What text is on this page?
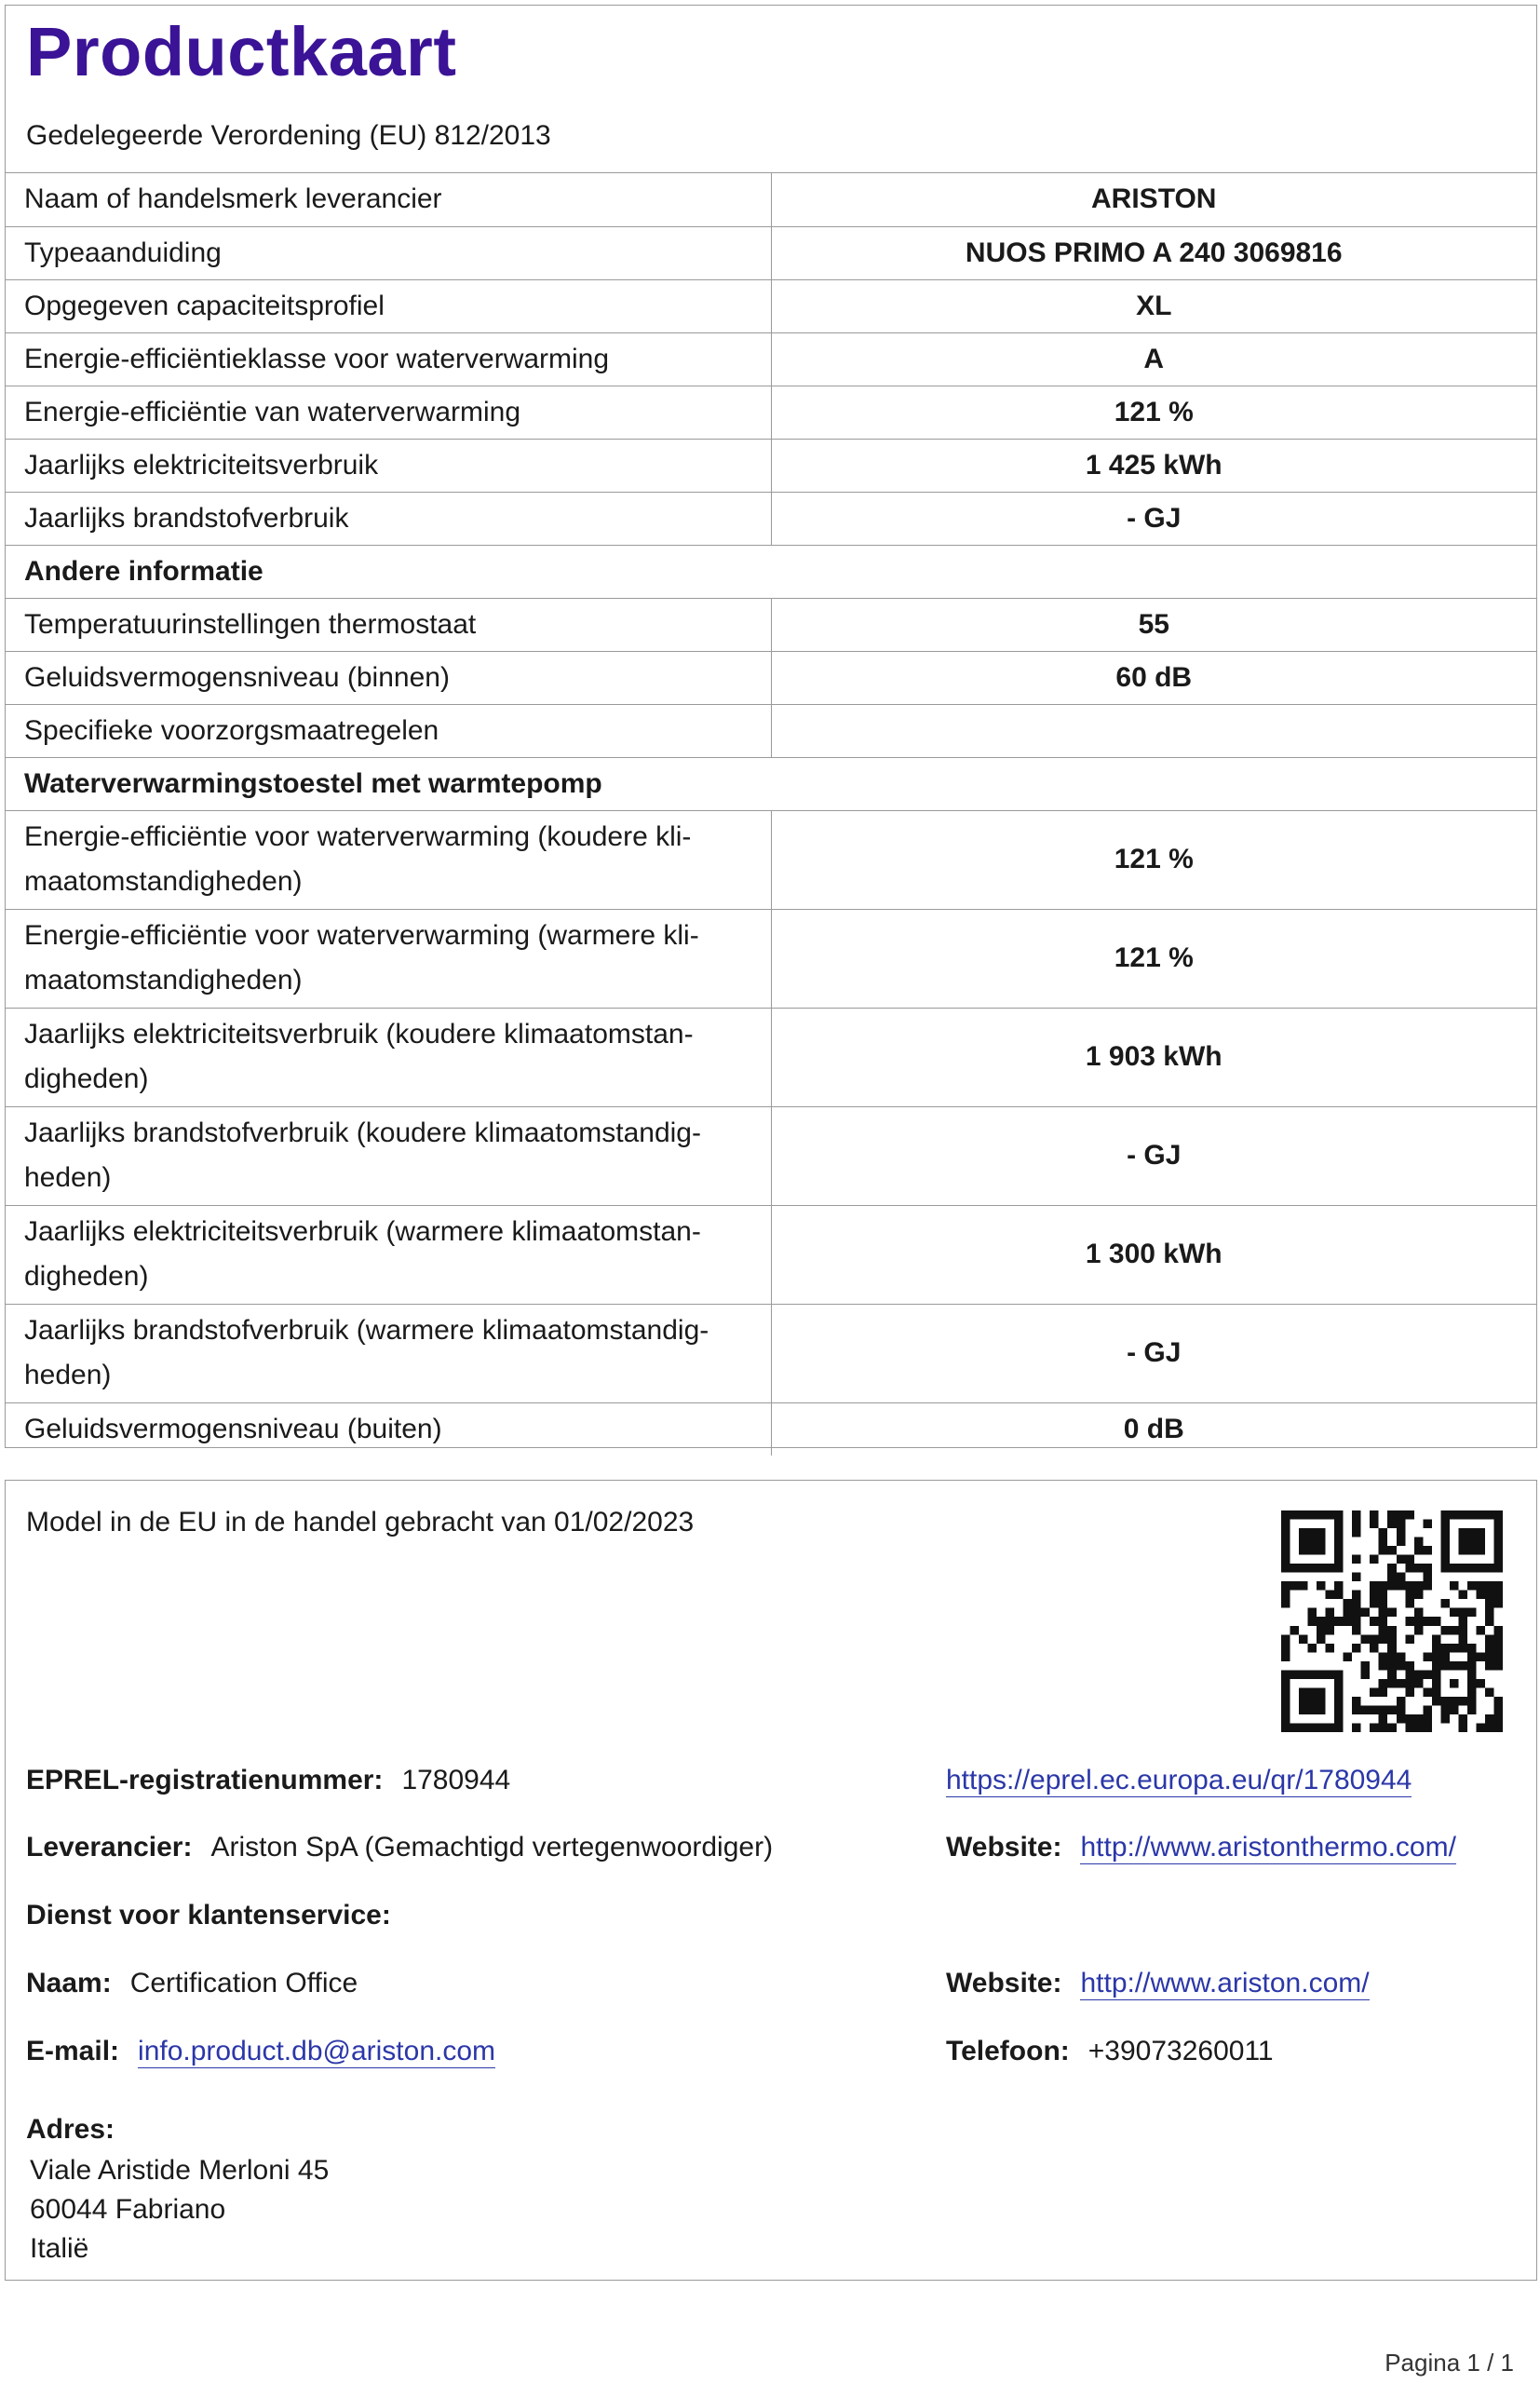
Productkaart
Gedelegeerde Verordening (EU) 812/2013
Naam of handelsmerk leverancier	ARISTON
Typeaanduiding	NUOS PRIMO A 240 3069816
Opgegeven capaciteitsprofiel	XL
Energie-efficiëntieklasse voor waterverwarming	A
Energie-efficiëntie van waterverwarming	121 %
Jaarlijks elektriciteitsverbruik	1 425 kWh
Jaarlijks brandstofverbruik	- GJ
Andere informatie	
Temperatuurinstellingen thermostaat	55
Geluidsvermogensniveau (binnen)	60 dB
Specifieke voorzorgsmaatregelen	
Waterverwarmingstoestel met warmtepomp	
Energie-efficiëntie voor waterverwarming (koudere kli-
maatomstandigheden)	121 %
Energie-efficiëntie voor waterverwarming (warmere kli-
maatomstandigheden)	121 %
Jaarlijks elektriciteitsverbruik (koudere klimaatomstan-
digheden)	1 903 kWh
Jaarlijks brandstofverbruik (koudere klimaatomstandig-
heden)	- GJ
Jaarlijks elektriciteitsverbruik (warmere klimaatomstan-
digheden)	1 300 kWh
Jaarlijks brandstofverbruik (warmere klimaatomstandig-
heden)	- GJ
Geluidsvermogensniveau (buiten)	0 dB
Model in de EU in de handel gebracht van 01/02/2023
EPREL-registratienummer: 1780944	https://eprel.ec.europa.eu/qr/1780944
Leverancier: Ariston SpA (Gemachtigd vertegenwoordiger)	Website: http://www.aristonthermo.com/
Dienst voor klantenservice:
Naam: Certification Office	Website: http://www.ariston.com/
E-mail: info.product.db@ariston.com	Telefoon: +39073260011
Adres:
Viale Aristide Merloni 45
60044 Fabriano
Italië
Pagina 1 / 1
